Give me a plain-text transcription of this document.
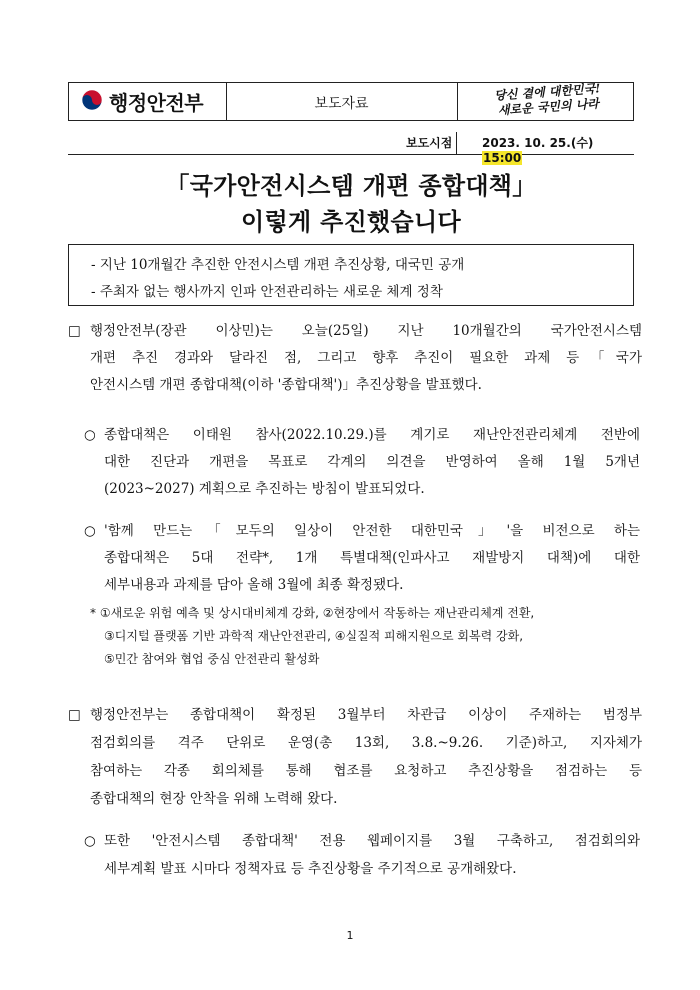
행정안전부	보도자료
당신 곁에 대한민국!
새로운 국민의 나라
보도시점 2023. 10. 25.(수) 15:00
「국가안전시스템 개편 종합대책」
이렇게 추진했습니다
- 지난 10개월간 추진한 안전시스템 개편 추진상황, 대국민 공개
- 주최자 없는 행사까지 인파 안전관리하는 새로운 체계 정착
□ 행정안전부(장관 이상민)는 오늘(25일) 지난 10개월간의 국가안전시스템
개편 추진 경과와 달라진 점, 그리고 향후 추진이 필요한 과제 등「국가
안전시스템 개편 종합대책(이하 '종합대책')」추진상황을 발표했다.
○ 종합대책은 이태원 참사(2022.10.29.)를 계기로 재난안전관리체계 전반에
대한 진단과 개편을 목표로 각계의 의견을 반영하여 올해 1월 5개년
(2023~2027) 계획으로 추진하는 방침이 발표되었다.
○ '함께 만드는「모두의 일상이 안전한 대한민국」'을 비전으로 하는
종합대책은 5대 전략*, 1개 특별대책(인파사고 재발방지 대책)에 대한
세부내용과 과제를 담아 올해 3월에 최종 확정됐다.
* ①새로운 위험 예측 및 상시대비체계 강화, ②현장에서 작동하는 재난관리체계 전환,
③디지털 플랫폼 기반 과학적 재난안전관리, ④실질적 피해지원으로 회복력 강화,
⑤민간 참여와 협업 중심 안전관리 활성화
□ 행정안전부는 종합대책이 확정된 3월부터 차관급 이상이 주재하는 범정부
점검회의를 격주 단위로 운영(총 13회, 3.8.~9.26. 기준)하고, 지자체가
참여하는 각종 회의체를 통해 협조를 요청하고 추진상황을 점검하는 등
종합대책의 현장 안착을 위해 노력해 왔다.
○ 또한 '안전시스템 종합대책' 전용 웹페이지를 3월 구축하고, 점검회의와
세부계획 발표 시마다 정책자료 등 추진상황을 주기적으로 공개해왔다.
1
